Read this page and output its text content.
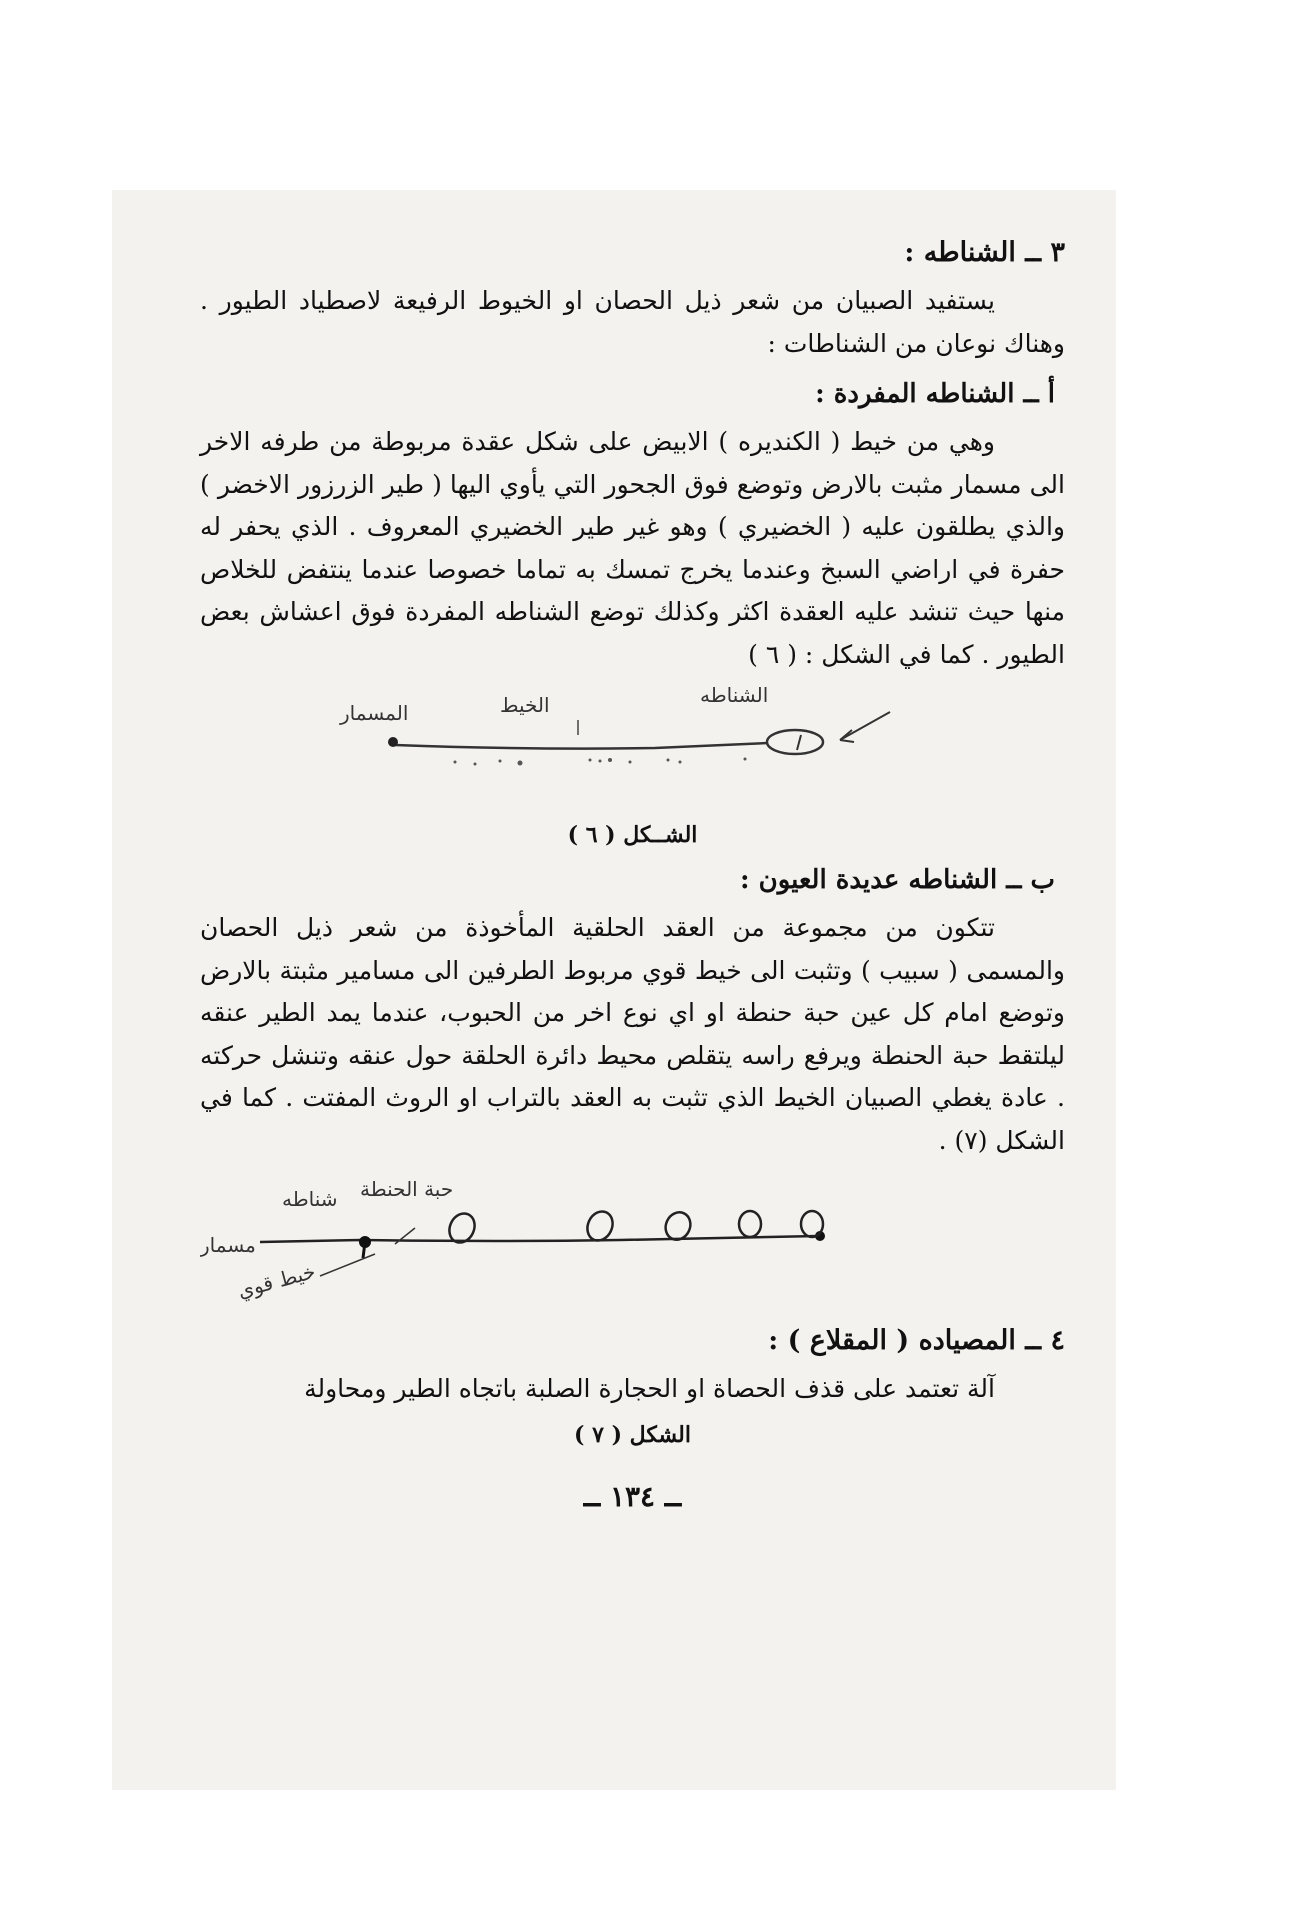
٣ ــ الشناطه :

يستفيد الصبيان من شعر ذيل الحصان او الخيوط الرفيعة لاصطياد الطيور . وهناك نوعان من الشناطات :

أ ــ الشناطه المفردة :

وهي من خيط ( الكنديره ) الابيض على شكل عقدة مربوطة من طرفه الاخر الى مسمار مثبت بالارض وتوضع فوق الجحور التي يأوي اليها ( طير الزرزور الاخضر ) والذي يطلقون عليه ( الخضيري ) وهو غير طير الخضيري المعروف . الذي يحفر له حفرة في اراضي السبخ وعندما يخرج تمسك به تماما خصوصا عندما ينتفض للخلاص منها حيث تنشد عليه العقدة اكثر وكذلك توضع الشناطه المفردة فوق اعشاش بعض الطيور . كما في الشكل : ( ٦ )

المسمار	الخيط	الشناطه
الشــكل ( ٦ )
ب ــ الشناطه عديدة العيون :

تتكون من مجموعة من العقد الحلقية المأخوذة من شعر ذيل الحصان والمسمى ( سبيب ) وتثبت الى خيط قوي مربوط الطرفين الى مسامير مثبتة بالارض وتوضع امام كل عين حبة حنطة او اي نوع اخر من الحبوب، عندما يمد الطير عنقه ليلتقط حبة الحنطة ويرفع راسه يتقلص محيط دائرة الحلقة حول عنقه وتنشل حركته . عادة يغطي الصبيان الخيط الذي تثبت به العقد بالتراب او الروث المفتت . كما في الشكل (٧) .

شناطه حبة الحنطة
مسمار
خيط قوي
٤ ــ المصياده ( المقلاع ) :

آلة تعتمد على قذف الحصاة او الحجارة الصلبة باتجاه الطير ومحاولة

الشكل ( ٧ )
ــ ١٣٤ ــ
